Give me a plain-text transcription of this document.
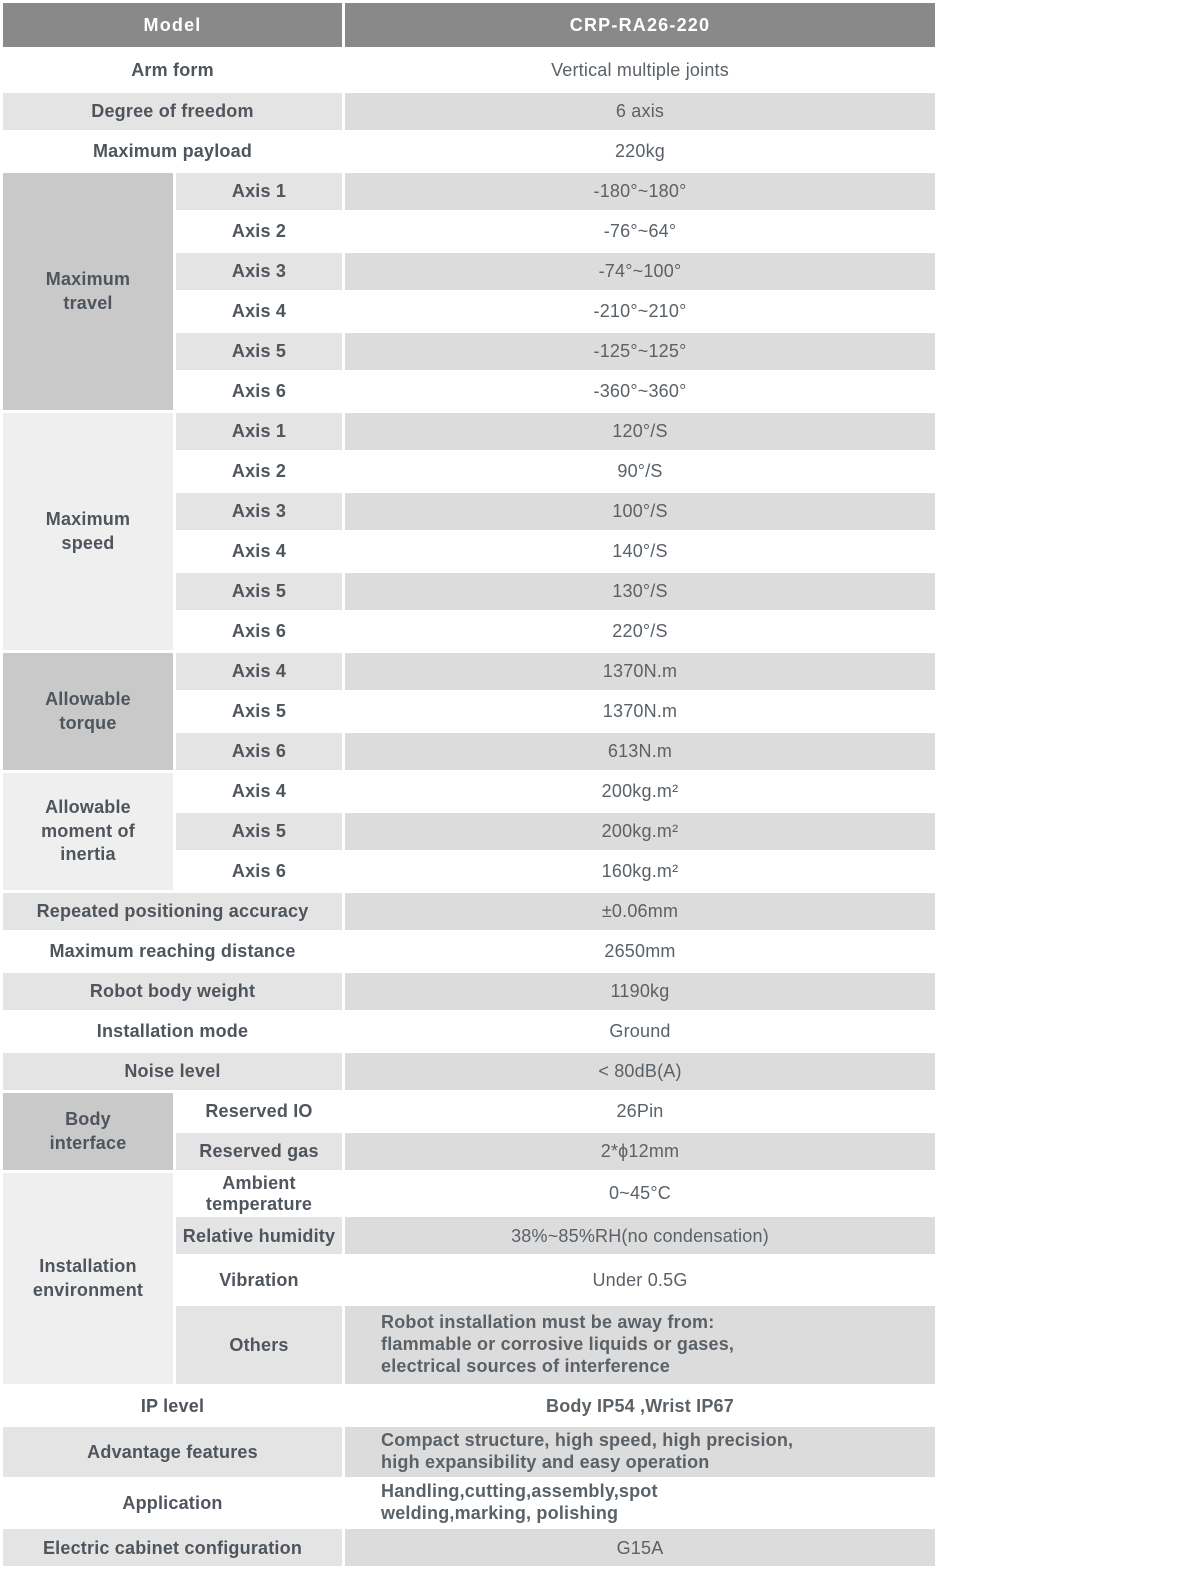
Model		CRP-RA26-220
Arm form		Vertical multiple joints
Degree of freedom		6 axis
Maximum payload		220kg
Maximum travel	Axis 1	-180°~180°
	Axis 2	-76°~64°
	Axis 3	-74°~100°
	Axis 4	-210°~210°
	Axis 5	-125°~125°
	Axis 6	-360°~360°
Maximum speed	Axis 1	120°/S
	Axis 2	90°/S
	Axis 3	100°/S
	Axis 4	140°/S
	Axis 5	130°/S
	Axis 6	220°/S
Allowable torque	Axis 4	1370N.m
	Axis 5	1370N.m
	Axis 6	613N.m
Allowable moment of inertia	Axis 4	200kg.m²
	Axis 5	200kg.m²
	Axis 6	160kg.m²
Repeated positioning accuracy		±0.06mm
Maximum reaching distance		2650mm
Robot body weight		1190kg
Installation mode		Ground
Noise level		< 80dB(A)
Body interface	Reserved IO	26Pin
	Reserved gas	2*ϕ12mm
Installation environment	Ambient temperature	0~45°C
	Relative humidity	38%~85%RH(no condensation)
	Vibration	Under 0.5G
	Others	Robot installation must be away from: flammable or corrosive liquids or gases, electrical sources of interference
IP level		Body IP54 ,Wrist IP67
Advantage features		Compact structure, high speed, high precision, high expansibility and easy operation
Application		Handling,cutting,assembly,spot welding,marking, polishing
Electric cabinet configuration		G15A
